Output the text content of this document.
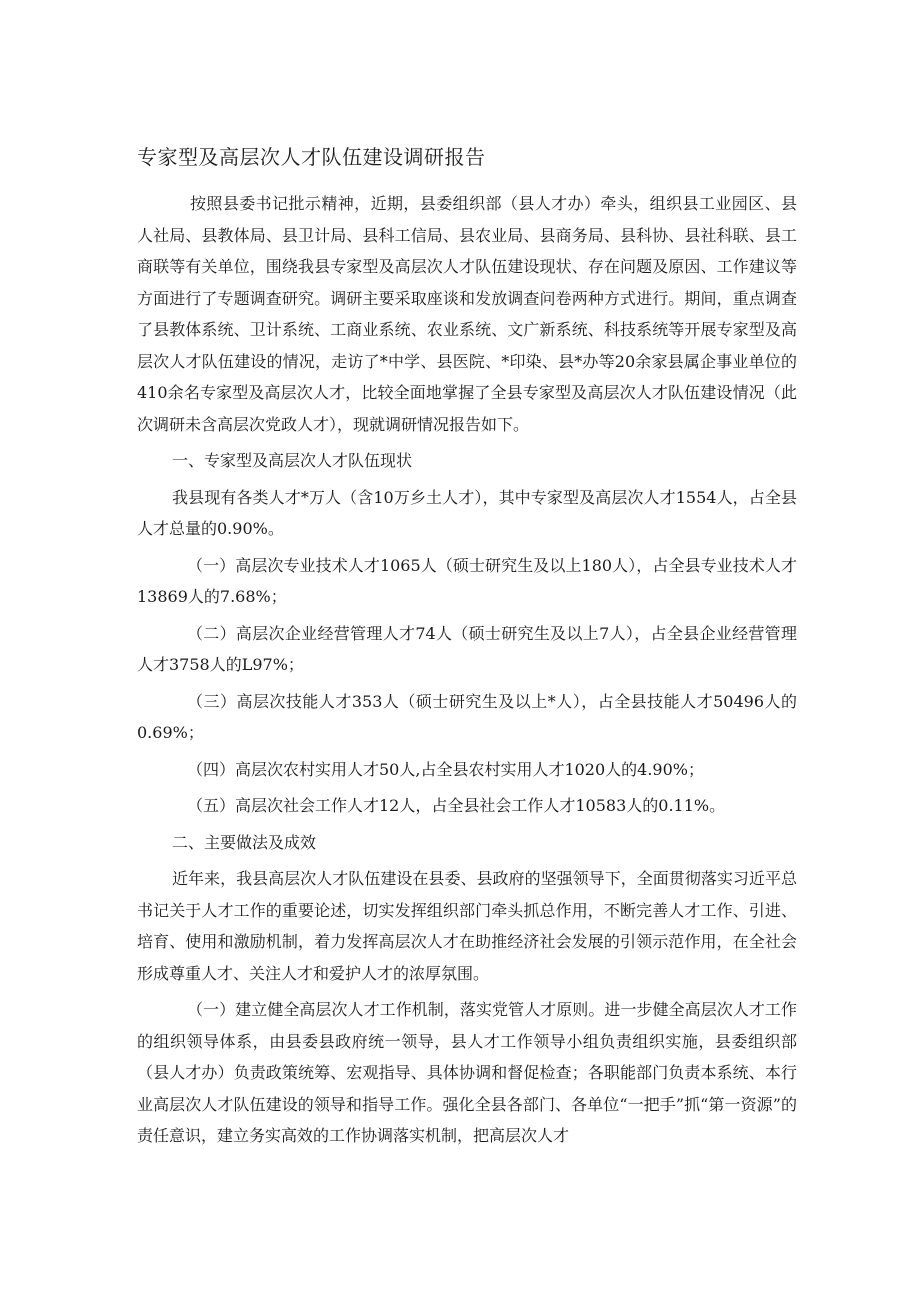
专家型及高层次人才队伍建设调研报告

按照县委书记批示精神，近期，县委组织部（县人才办）牵头，组织县工业园区、县人社局、县教体局、县卫计局、县科工信局、县农业局、县商务局、县科协、县社科联、县工商联等有关单位，围绕我县专家型及高层次人才队伍建设现状、存在问题及原因、工作建议等方面进行了专题调查研究。调研主要采取座谈和发放调查问卷两种方式进行。期间，重点调查了县教体系统、卫计系统、工商业系统、农业系统、文广新系统、科技系统等开展专家型及高层次人才队伍建设的情况，走访了*中学、县医院、*印染、县*办等20余家县属企事业单位的410余名专家型及高层次人才，比较全面地掌握了全县专家型及高层次人才队伍建设情况（此次调研未含高层次党政人才），现就调研情况报告如下。

一、专家型及高层次人才队伍现状

我县现有各类人才*万人（含10万乡土人才），其中专家型及高层次人才1554人，占全县人才总量的0.90%。

（一）高层次专业技术人才1065人（硕士研究生及以上180人），占全县专业技术人才13869人的7.68%；

（二）高层次企业经营管理人才74人（硕士研究生及以上7人），占全县企业经营管理人才3758人的L97%；

（三）高层次技能人才353人（硕士研究生及以上*人），占全县技能人才50496人的0.69%；

（四）高层次农村实用人才50人,占全县农村实用人才1020人的4.90%；

（五）高层次社会工作人才12人，占全县社会工作人才10583人的0.11%。

二、主要做法及成效

近年来，我县高层次人才队伍建设在县委、县政府的坚强领导下，全面贯彻落实习近平总书记关于人才工作的重要论述，切实发挥组织部门牵头抓总作用，不断完善人才工作、引进、培育、使用和激励机制，着力发挥高层次人才在助推经济社会发展的引领示范作用，在全社会形成尊重人才、关注人才和爱护人才的浓厚氛围。

（一）建立健全高层次人才工作机制，落实党管人才原则。进一步健全高层次人才工作的组织领导体系，由县委县政府统一领导，县人才工作领导小组负责组织实施，县委组织部（县人才办）负责政策统筹、宏观指导、具体协调和督促检查；各职能部门负责本系统、本行业高层次人才队伍建设的领导和指导工作。强化全县各部门、各单位“一把手”抓“第一资源”的责任意识，建立务实高效的工作协调落实机制，把高层次人才
